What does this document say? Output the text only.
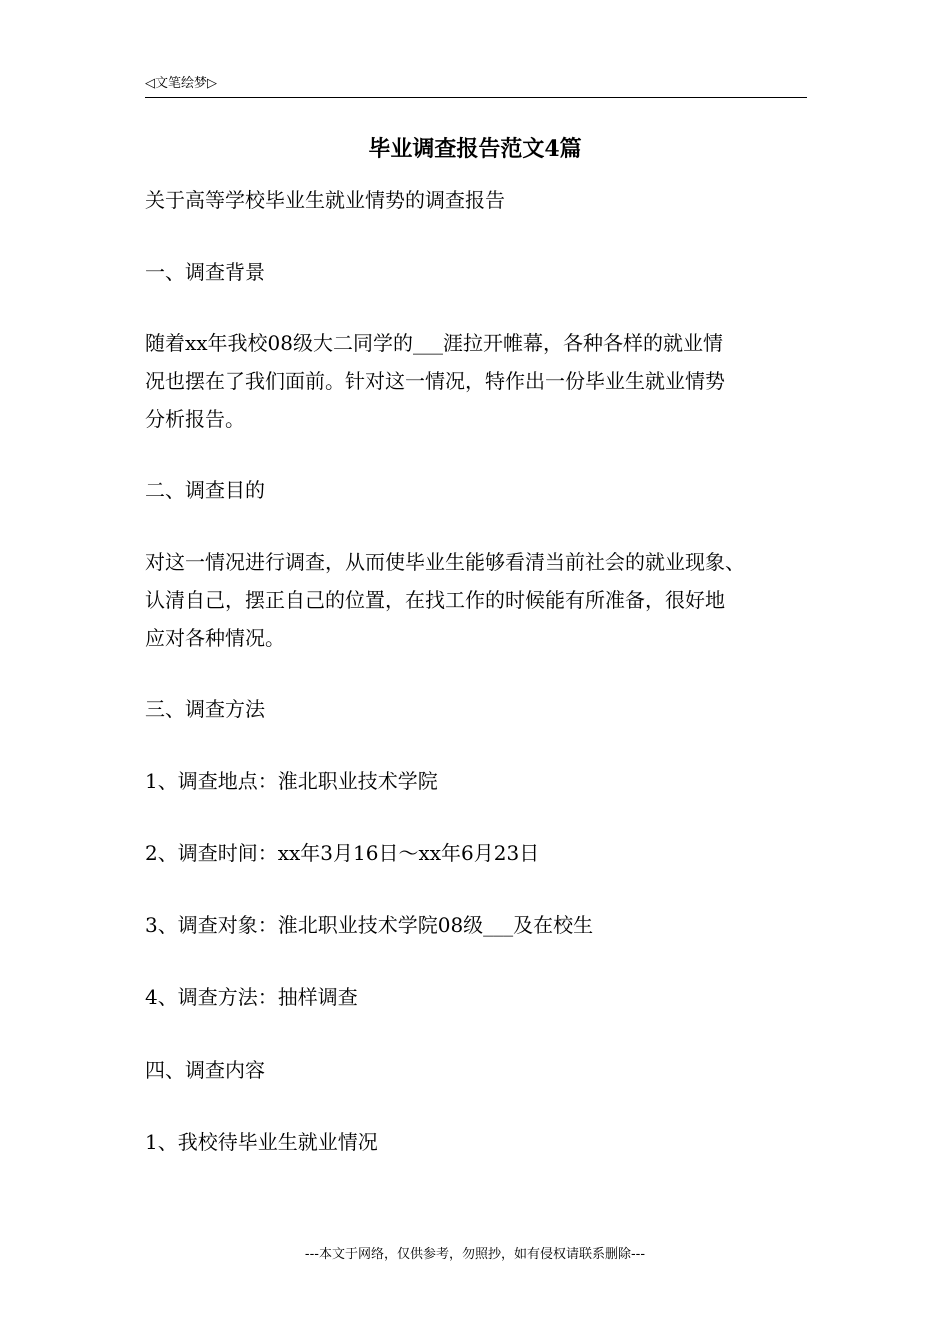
◁文笔绘梦▷
毕业调查报告范文4篇
关于高等学校毕业生就业情势的调查报告
一、调查背景
随着xx年我校08级大二同学的___涯拉开帷幕，各种各样的就业情
况也摆在了我们面前。针对这一情况，特作出一份毕业生就业情势
分析报告。
二、调查目的
对这一情况进行调查，从而使毕业生能够看清当前社会的就业现象、
认清自己，摆正自己的位置，在找工作的时候能有所准备，很好地
应对各种情况。
三、调查方法
1、调查地点：淮北职业技术学院
2、调查时间：xx年3月16日～xx年6月23日
3、调查对象：淮北职业技术学院08级___及在校生
4、调查方法：抽样调查
四、调查内容
1、我校待毕业生就业情况
---本文于网络，仅供参考，勿照抄，如有侵权请联系删除---
